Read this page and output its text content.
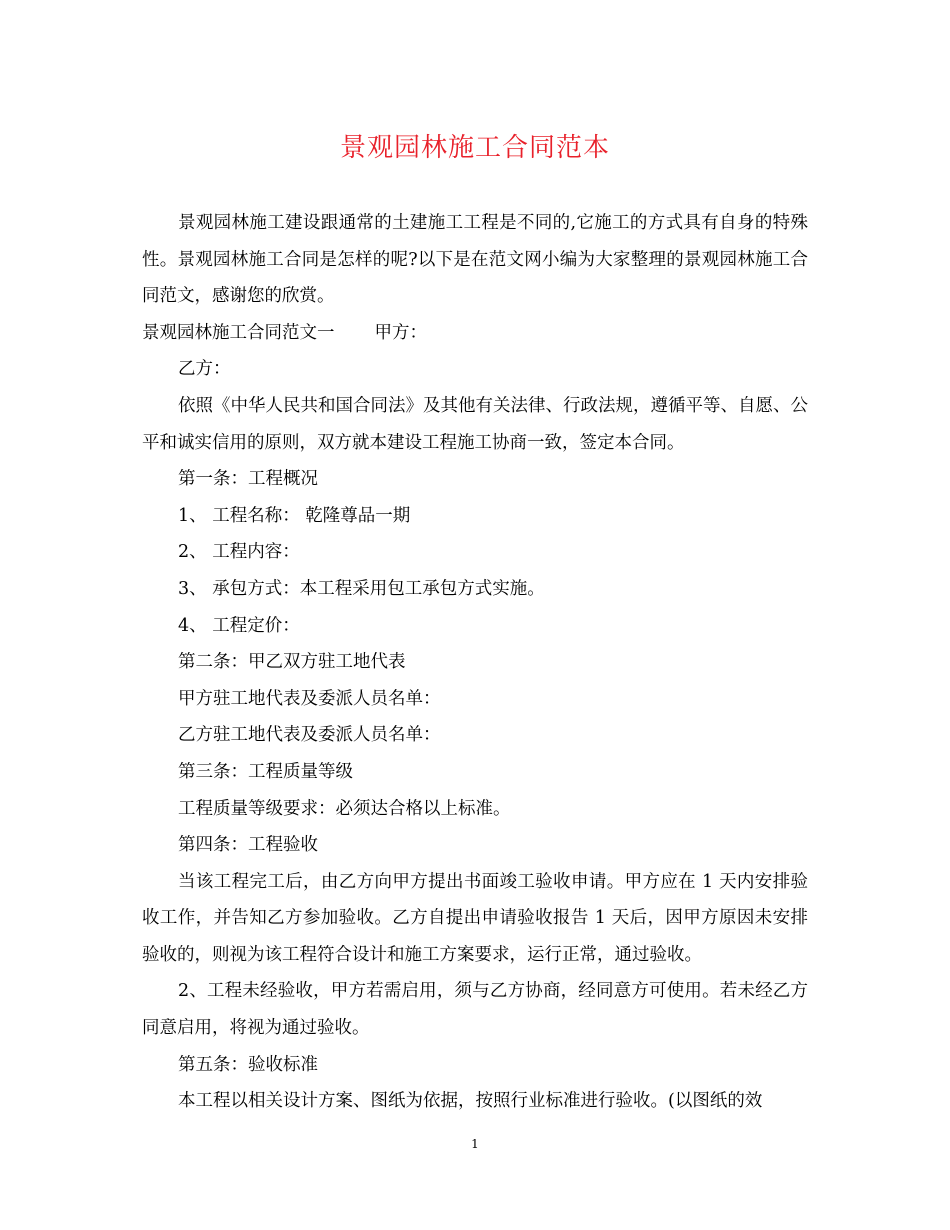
景观园林施工合同范本

景观园林施工建设跟通常的土建施工工程是不同的,它施工的方式具有自身的特殊性。景观园林施工合同是怎样的呢?以下是在范文网小编为大家整理的景观园林施工合同范文，感谢您的欣赏。

景观园林施工合同范文一 甲方：

乙方：

依照《中华人民共和国合同法》及其他有关法律、行政法规，遵循平等、自愿、公平和诚实信用的原则，双方就本建设工程施工协商一致，签定本合同。

第一条：工程概况

1、 工程名称： 乾隆尊品一期

2、 工程内容：

3、 承包方式：本工程采用包工承包方式实施。

4、 工程定价：

第二条：甲乙双方驻工地代表

甲方驻工地代表及委派人员名单：

乙方驻工地代表及委派人员名单：

第三条：工程质量等级

工程质量等级要求：必须达合格以上标准。

第四条：工程验收

当该工程完工后，由乙方向甲方提出书面竣工验收申请。甲方应在 1 天内安排验收工作，并告知乙方参加验收。乙方自提出申请验收报告 1 天后，因甲方原因未安排验收的，则视为该工程符合设计和施工方案要求，运行正常，通过验收。

2、工程未经验收，甲方若需启用，须与乙方协商，经同意方可使用。若未经乙方同意启用，将视为通过验收。

第五条：验收标准

本工程以相关设计方案、图纸为依据，按照行业标准进行验收。(以图纸的效

1
